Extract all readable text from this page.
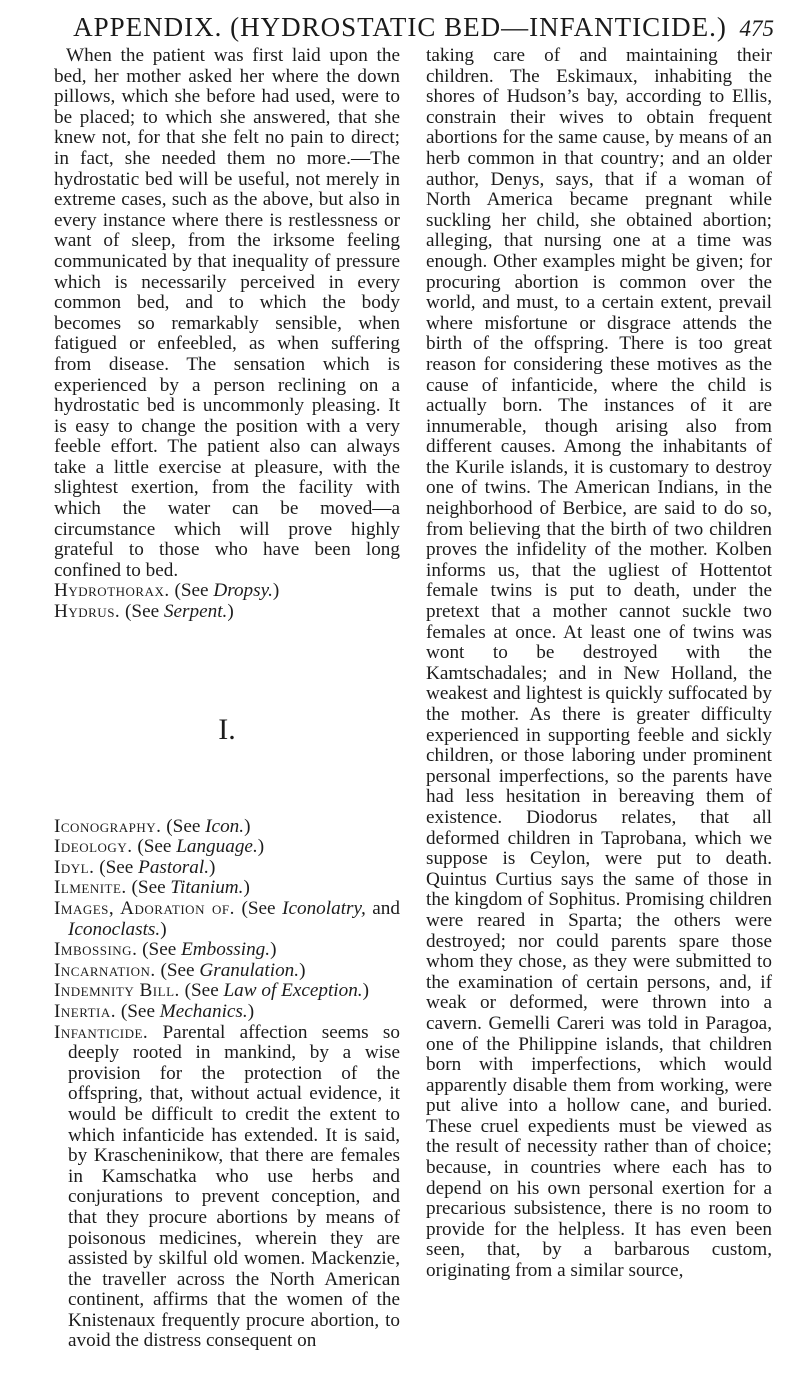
APPENDIX. (HYDROSTATIC BED—INFANTICIDE.) 475

When the patient was first laid upon the bed, her mother asked her where the down pillows, which she before had used, were to be placed; to which she answered, that she knew not, for that she felt no pain to direct; in fact, she needed them no more.—The hydrostatic bed will be useful, not merely in extreme cases, such as the above, but also in every instance where there is restlessness or want of sleep, from the irksome feeling communicated by that inequality of pressure which is necessarily perceived in every common bed, and to which the body becomes so remarkably sensible, when fatigued or enfeebled, as when suffering from disease. The sensation which is experienced by a person reclining on a hydrostatic bed is uncommonly pleasing. It is easy to change the position with a very feeble effort. The patient also can always take a little exercise at pleasure, with the slightest exertion, from the facility with which the water can be moved—a circumstance which will prove highly grateful to those who have been long confined to bed.

Hydrothorax. (See Dropsy.)

Hydrus. (See Serpent.)

I.

Iconography. (See Icon.)

Ideology. (See Language.)

Idyl. (See Pastoral.)

Ilmenite. (See Titanium.)

Images, Adoration of. (See Iconolatry, and Iconoclasts.)

Imbossing. (See Embossing.)

Incarnation. (See Granulation.)

Indemnity Bill. (See Law of Exception.)

Inertia. (See Mechanics.)

Infanticide. Parental affection seems so deeply rooted in mankind, by a wise provision for the protection of the offspring, that, without actual evidence, it would be difficult to credit the extent to which infanticide has extended. It is said, by Krascheninikow, that there are females in Kamschatka who use herbs and conjurations to prevent conception, and that they procure abortions by means of poisonous medicines, wherein they are assisted by skilful old women. Mackenzie, the traveller across the North American continent, affirms that the women of the Knistenaux frequently procure abortion, to avoid the distress consequent on

taking care of and maintaining their children. The Eskimaux, inhabiting the shores of Hudson’s bay, according to Ellis, constrain their wives to obtain frequent abortions for the same cause, by means of an herb common in that country; and an older author, Denys, says, that if a woman of North America became pregnant while suckling her child, she obtained abortion; alleging, that nursing one at a time was enough. Other examples might be given; for procuring abortion is common over the world, and must, to a certain extent, prevail where misfortune or disgrace attends the birth of the offspring. There is too great reason for considering these motives as the cause of infanticide, where the child is actually born. The instances of it are innumerable, though arising also from different causes. Among the inhabitants of the Kurile islands, it is customary to destroy one of twins. The American Indians, in the neighborhood of Berbice, are said to do so, from believing that the birth of two children proves the infidelity of the mother. Kolben informs us, that the ugliest of Hottentot female twins is put to death, under the pretext that a mother cannot suckle two females at once. At least one of twins was wont to be destroyed with the Kamtschadales; and in New Holland, the weakest and lightest is quickly suffocated by the mother. As there is greater difficulty experienced in supporting feeble and sickly children, or those laboring under prominent personal imperfections, so the parents have had less hesitation in bereaving them of existence. Diodorus relates, that all deformed children in Taprobana, which we suppose is Ceylon, were put to death. Quintus Curtius says the same of those in the kingdom of Sophitus. Promising children were reared in Sparta; the others were destroyed; nor could parents spare those whom they chose, as they were submitted to the examination of certain persons, and, if weak or deformed, were thrown into a cavern. Gemelli Careri was told in Paragoa, one of the Philippine islands, that children born with imperfections, which would apparently disable them from working, were put alive into a hollow cane, and buried. These cruel expedients must be viewed as the result of necessity rather than of choice; because, in countries where each has to depend on his own personal exertion for a precarious subsistence, there is no room to provide for the helpless. It has even been seen, that, by a barbarous custom, originating from a similar source,
